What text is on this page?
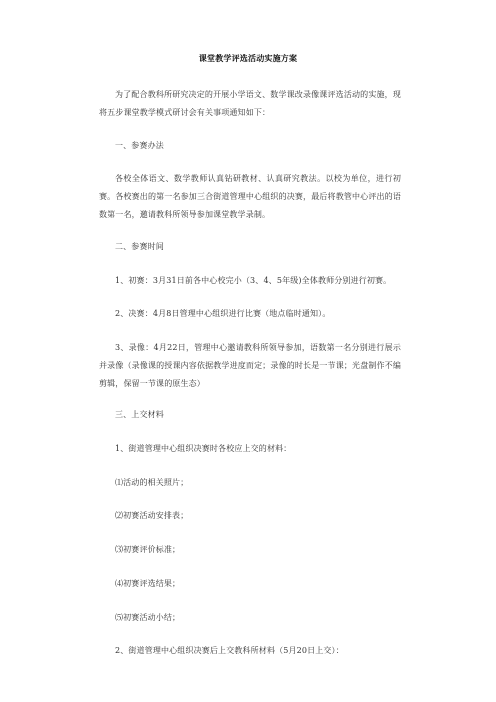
课堂教学评选活动实施方案

为了配合教科所研究决定的开展小学语文、数学课改录像课评选活动的实施，现将五步课堂教学模式研讨会有关事项通知如下：

一、参赛办法

各校全体语文、数学教师认真钻研教材、认真研究教法。以校为单位，进行初赛。各校赛出的第一名参加三合街道管理中心组织的决赛，最后将教管中心评出的语数第一名，邀请教科所领导参加课堂教学录制。

二、参赛时间

1、初赛：3月31日前各中心校完小（3、4、5年级)全体教师分别进行初赛。

2、决赛：4月8日管理中心组织进行比赛（地点临时通知）。

3、录像：4月22日，管理中心邀请教科所领导参加，语数第一名分别进行展示并录像（录像课的授课内容依据教学进度而定；录像的时长是一节课；光盘制作不编剪辑，保留一节课的原生态）

三、上交材料

1、街道管理中心组织决赛时各校应上交的材料：

⑴活动的相关照片；

⑵初赛活动安排表；

⑶初赛评价标准；

⑷初赛评选结果；

⑸初赛活动小结；

2、街道管理中心组织决赛后上交教科所材料（5月20日上交）：
